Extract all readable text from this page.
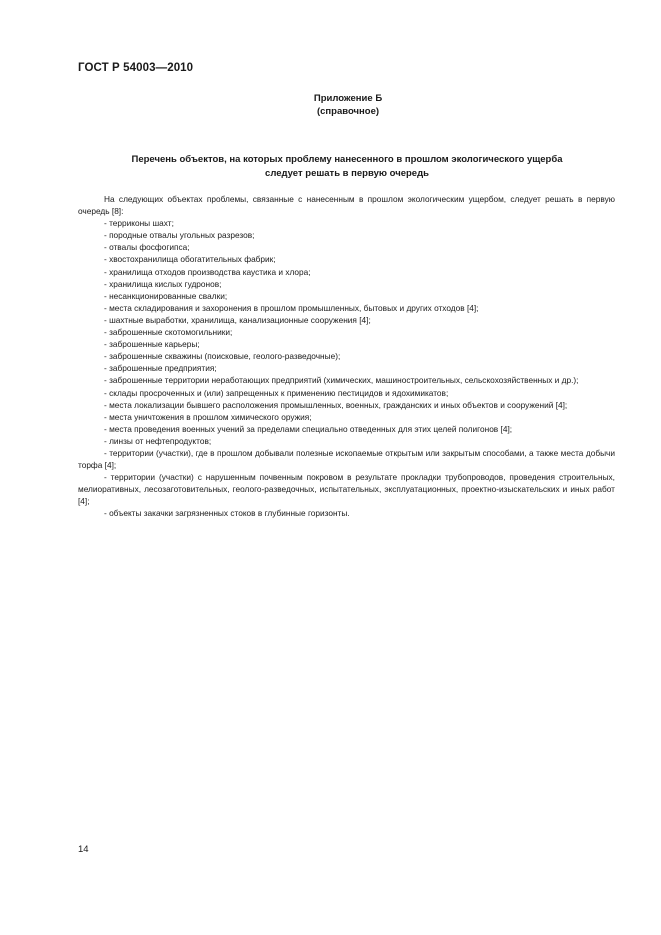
ГОСТ Р 54003—2010
Приложение Б
(справочное)
Перечень объектов, на которых проблему нанесенного в прошлом экологического ущерба
следует решать в первую очередь

На следующих объектах проблемы, связанные с нанесенным в прошлом экологическим ущербом, следует решать в первую очередь [8]:

- терриконы шахт;

- породные отвалы угольных разрезов;

- отвалы фосфогипса;

- хвостохранилища обогатительных фабрик;

- хранилища отходов производства каустика и хлора;

- хранилища кислых гудронов;

- несанкционированные свалки;

- места складирования и захоронения в прошлом промышленных, бытовых и других отходов [4];

- шахтные выработки, хранилища, канализационные сооружения [4];

- заброшенные скотомогильники;

- заброшенные карьеры;

- заброшенные скважины (поисковые, геолого-разведочные);

- заброшенные предприятия;

- заброшенные территории неработающих предприятий (химических, машиностроительных, сельскохозяйственных и др.);

- склады просроченных и (или) запрещенных к применению пестицидов и ядохимикатов;

- места локализации бывшего расположения промышленных, военных, гражданских и иных объектов и сооружений [4];

- места уничтожения в прошлом химического оружия;

- места проведения военных учений за пределами специально отведенных для этих целей полигонов [4];

- линзы от нефтепродуктов;

- территории (участки), где в прошлом добывали полезные ископаемые открытым или закрытым способами, а также места добычи торфа [4];

- территории (участки) с нарушенным почвенным покровом в результате прокладки трубопроводов, проведения строительных, мелиоративных, лесозаготовительных, геолого-разведочных, испытательных, эксплуатационных, проектно-изыскательских и иных работ [4];

- объекты закачки загрязненных стоков в глубинные горизонты.

14
